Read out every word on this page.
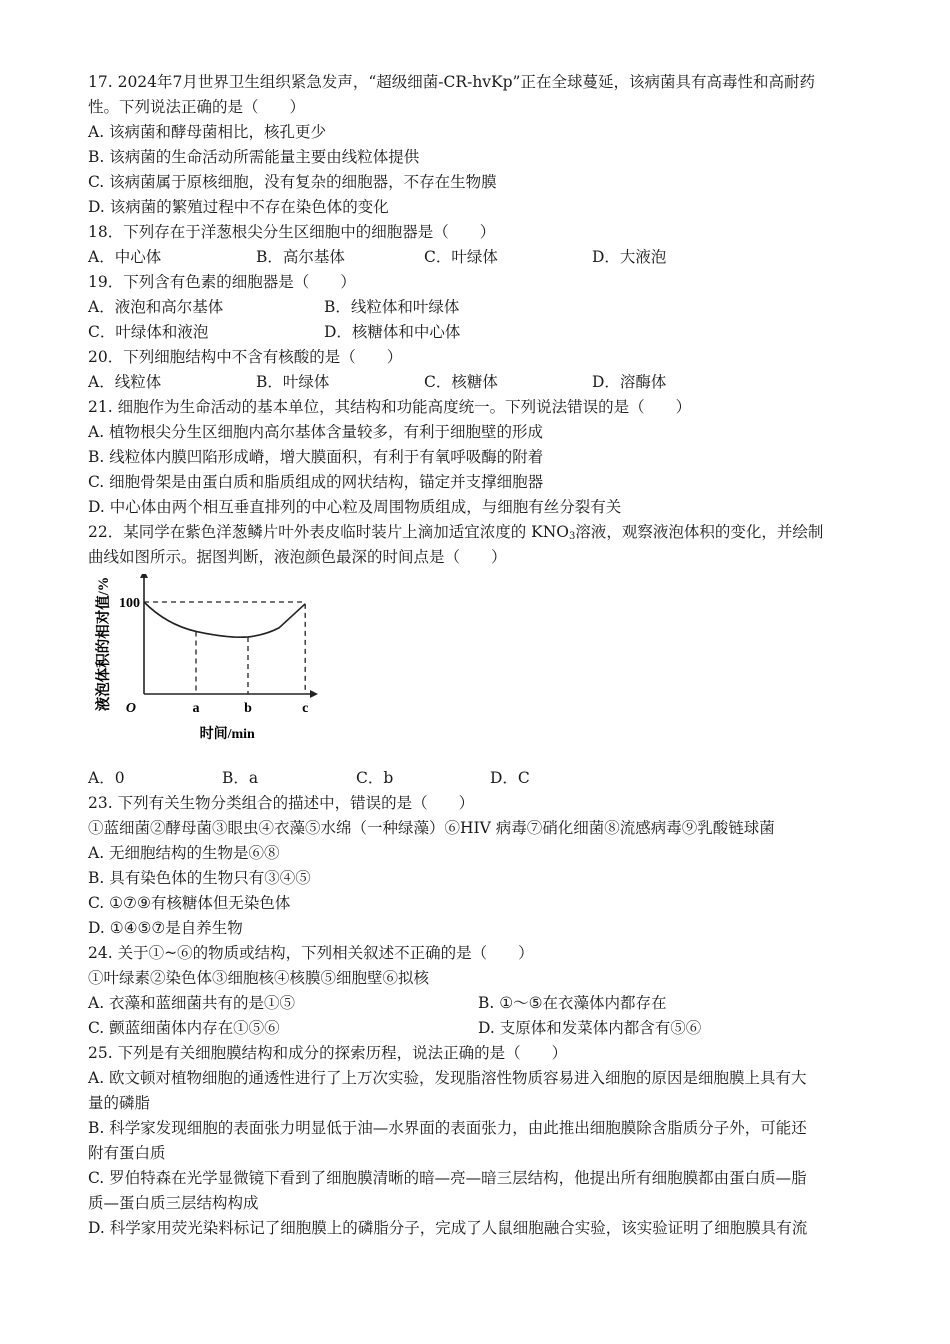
17. 2024年7月世界卫生组织紧急发声，“超级细菌-CR-hvKp”正在全球蔓延，该病菌具有高毒性和高耐药
性。下列说法正确的是（　　）
A. 该病菌和酵母菌相比，核孔更少
B. 该病菌的生命活动所需能量主要由线粒体提供
C. 该病菌属于原核细胞，没有复杂的细胞器，不存在生物膜
D. 该病菌的繁殖过程中不存在染色体的变化
18．下列存在于洋葱根尖分生区细胞中的细胞器是（　　）
A．中心体	B．高尔基体	C．叶绿体	D．大液泡
19．下列含有色素的细胞器是（　　）
A．液泡和高尔基体	B．线粒体和叶绿体
C．叶绿体和液泡	D．核糖体和中心体
20．下列细胞结构中不含有核酸的是（　　）
A．线粒体	B．叶绿体	C．核糖体	D．溶酶体
21. 细胞作为生命活动的基本单位，其结构和功能高度统一。下列说法错误的是（　　）
A. 植物根尖分生区细胞内高尔基体含量较多，有利于细胞壁的形成
B. 线粒体内膜凹陷形成嵴，增大膜面积，有利于有氧呼吸酶的附着
C. 细胞骨架是由蛋白质和脂质组成的网状结构，锚定并支撑细胞器
D. 中心体由两个相互垂直排列的中心粒及周围物质组成，与细胞有丝分裂有关
22．某同学在紫色洋葱鳞片叶外表皮临时装片上滴加适宜浓度的 $KNO_3$溶液，观察液泡体积的变化，并绘制
曲线如图所示。据图判断，液泡颜色最深的时间点是（　　）
液泡体积的相对值/% 100
O	a	b	c
时间/min
A．0	B．a	C．b	D．C
23. 下列有关生物分类组合的描述中，错误的是（　　）
①蓝细菌②酵母菌③眼虫④衣藻⑤水绵（一种绿藻）⑥HIV 病毒⑦硝化细菌⑧流感病毒⑨乳酸链球菌
A. 无细胞结构的生物是⑥⑧
B. 具有染色体的生物只有③④⑤
C. ①⑦⑨有核糖体但无染色体
D. ①④⑤⑦是自养生物
24. 关于①~⑥的物质或结构，下列相关叙述不正确的是（　　）
①叶绿素②染色体③细胞核④核膜⑤细胞壁⑥拟核
A. 衣藻和蓝细菌共有的是①⑤	B. ①～⑤在衣藻体内都存在
C. 颤蓝细菌体内存在①⑤⑥	D. 支原体和发菜体内都含有⑤⑥
25. 下列是有关细胞膜结构和成分的探索历程，说法正确的是（　　）
A. 欧文顿对植物细胞的通透性进行了上万次实验，发现脂溶性物质容易进入细胞的原因是细胞膜上具有大
量的磷脂
B. 科学家发现细胞的表面张力明显低于油—水界面的表面张力，由此推出细胞膜除含脂质分子外，可能还
附有蛋白质
C. 罗伯特森在光学显微镜下看到了细胞膜清晰的暗—亮—暗三层结构，他提出所有细胞膜都由蛋白质—脂
质—蛋白质三层结构构成
D. 科学家用荧光染料标记了细胞膜上的磷脂分子，完成了人鼠细胞融合实验，该实验证明了细胞膜具有流
